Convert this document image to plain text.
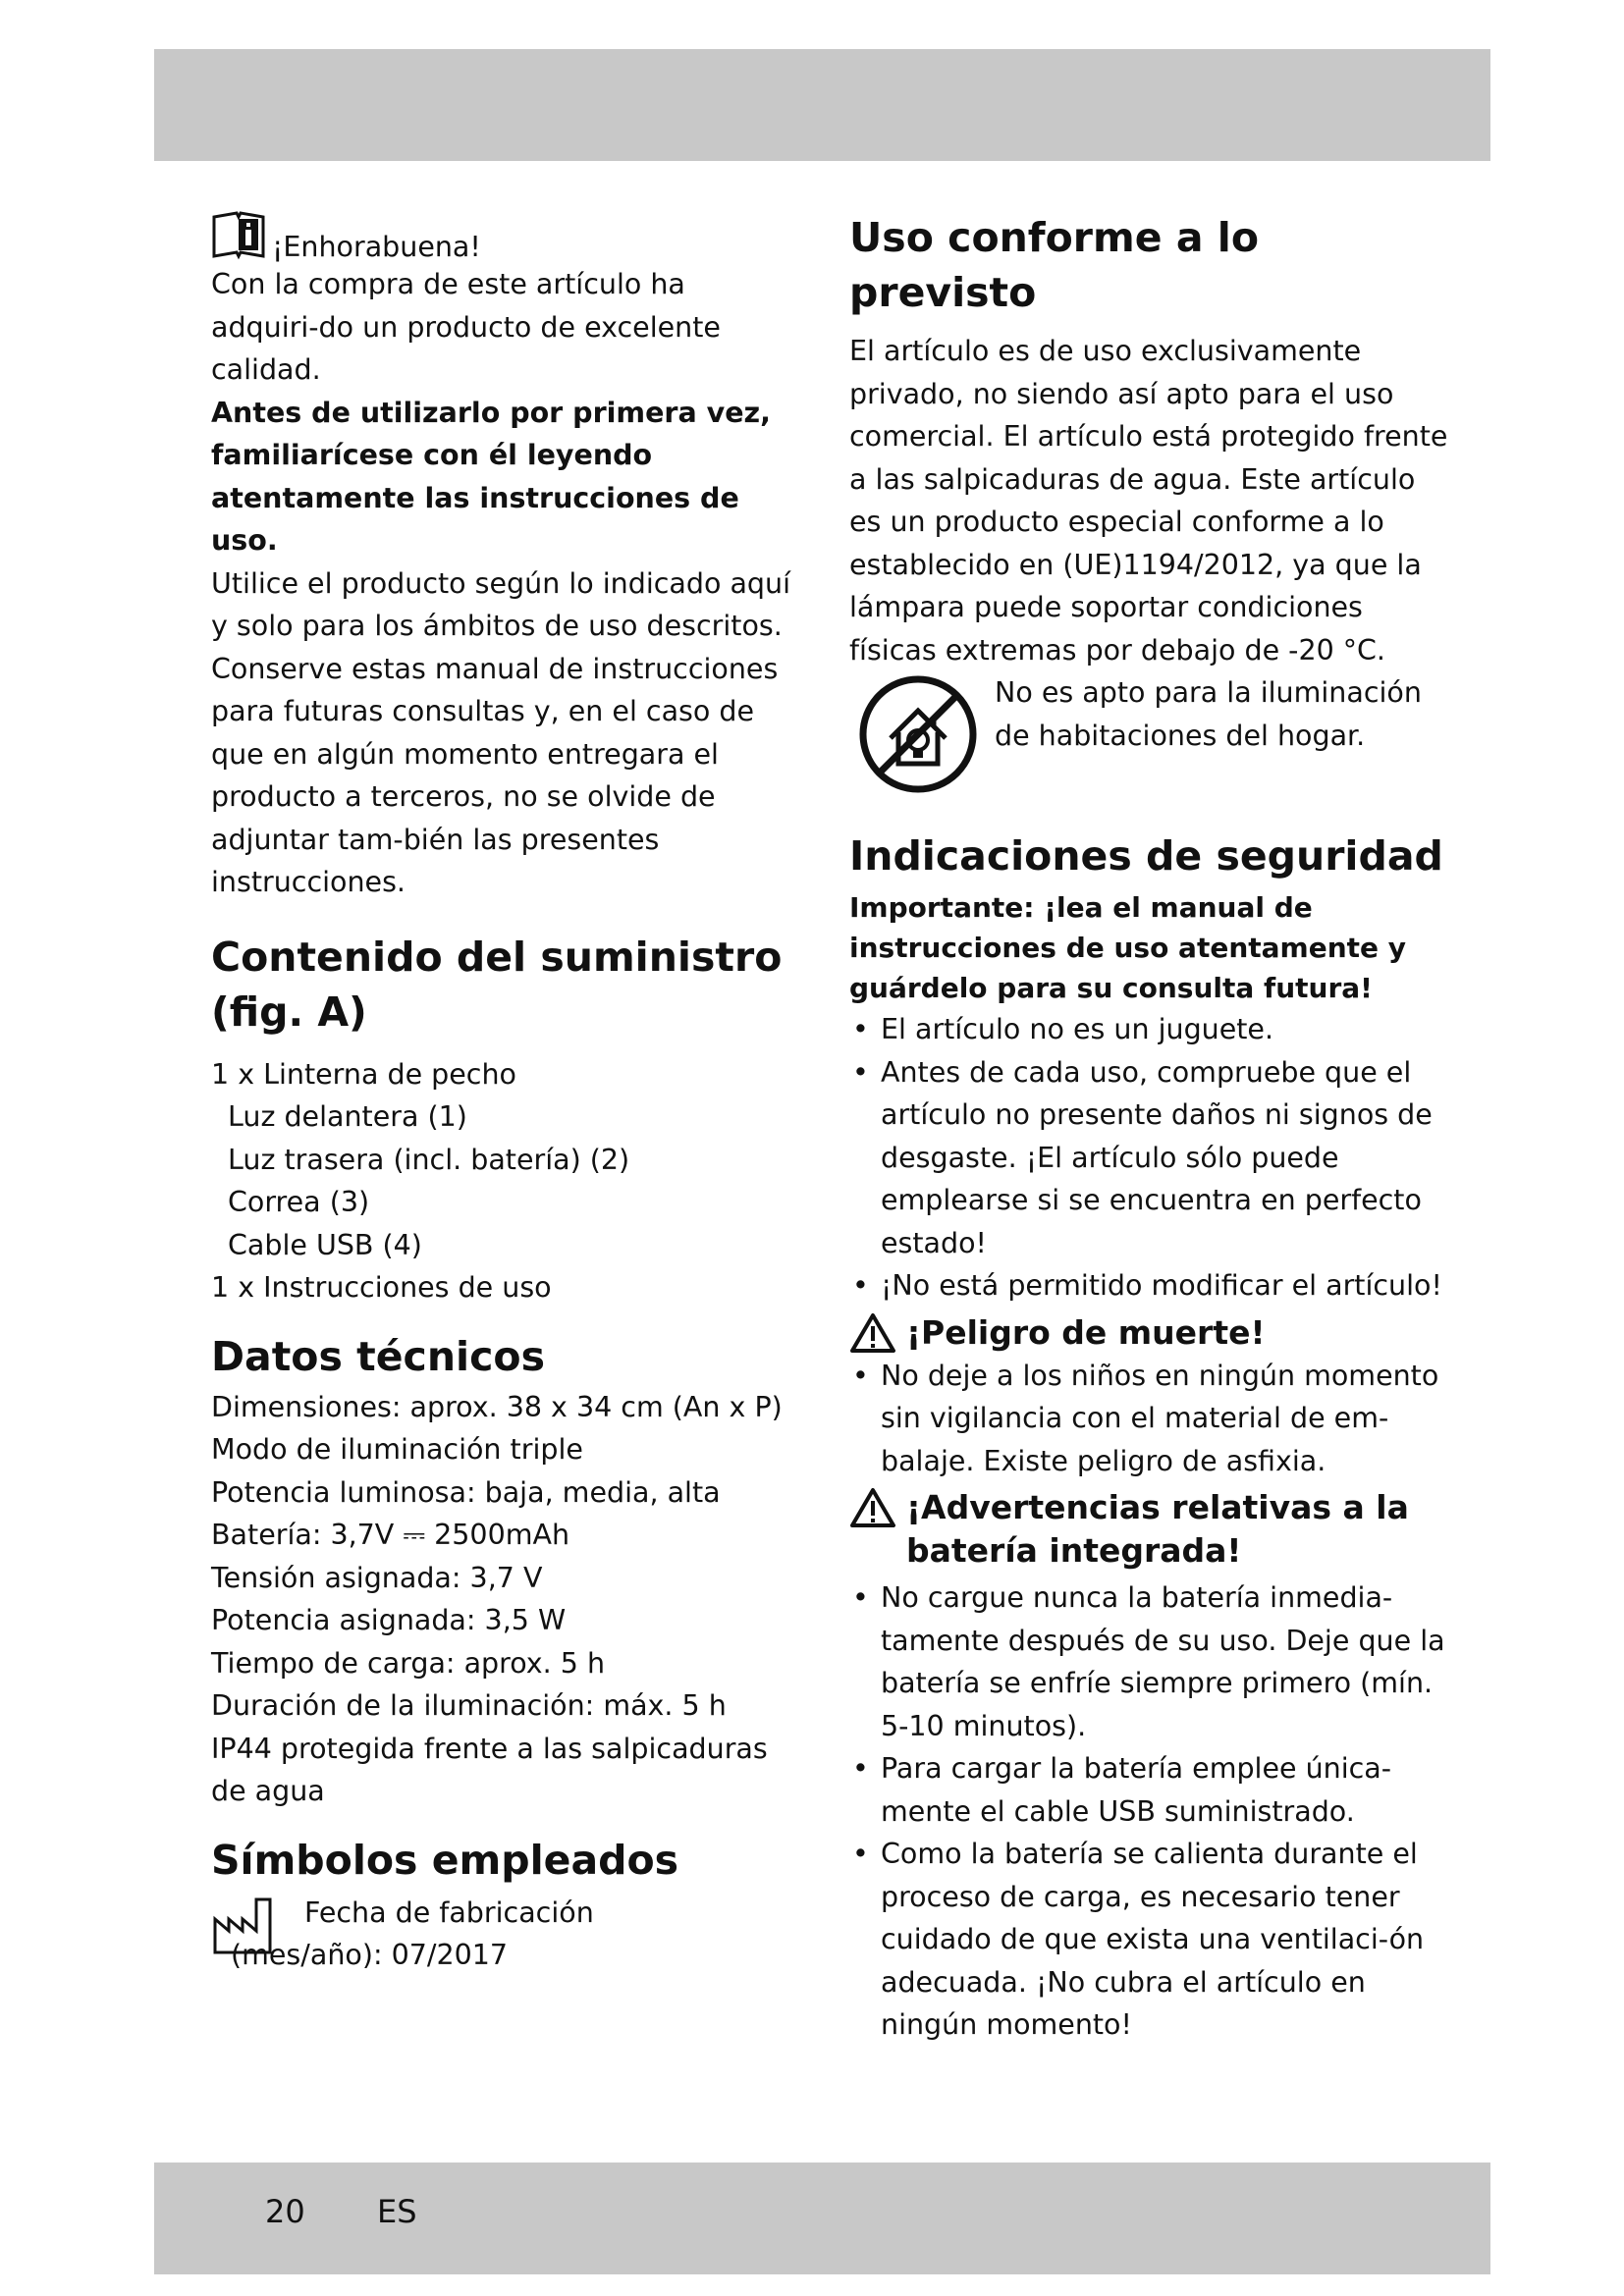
¡Enhorabuena!

Con la compra de este artículo ha adquiri-do un producto de excelente calidad.

Antes de utilizarlo por primera vez, familiarícese con él leyendo atentamente las instrucciones de uso.

Utilice el producto según lo indicado aquí y solo para los ámbitos de uso descritos. Conserve estas manual de instrucciones para futuras consultas y, en el caso de que en algún momento entregara el producto a terceros, no se olvide de adjuntar tam-bién las presentes instrucciones.

Contenido del suministro (fig. A)

1 x Linterna de pecho

Luz delantera (1)

Luz trasera (incl. batería) (2)

Correa (3)

Cable USB (4)

1 x Instrucciones de uso

Datos técnicos

Dimensiones: aprox. 38 x 34 cm (An x P)

Modo de iluminación triple

Potencia luminosa: baja, media, alta

Batería: 3,7V ⎓ 2500mAh

Tensión asignada: 3,7 V

Potencia asignada: 3,5 W

Tiempo de carga: aprox. 5 h

Duración de la iluminación: máx. 5 h

IP44 protegida frente a las salpicaduras de agua

Símbolos empleados
Fecha de fabricación
(mes/año): 07/2017
Uso conforme a lo previsto

El artículo es de uso exclusivamente privado, no siendo así apto para el uso comercial. El artículo está protegido frente a las salpicaduras de agua. Este artículo es un producto especial conforme a lo establecido en (UE)1194/2012, ya que la lámpara puede soportar condiciones físicas extremas por debajo de -20 °C.

No es apto para la iluminación de habitaciones del hogar.

Indicaciones de seguridad

Importante: ¡lea el manual de instrucciones de uso atentamente y guárdelo para su consulta futura!

• El artículo no es un juguete.
• Antes de cada uso, compruebe que el artículo no presente daños ni signos de desgaste. ¡El artículo sólo puede emplearse si se encuentra en perfecto estado!
• ¡No está permitido modificar el artículo!
¡Peligro de muerte!
• No deje a los niños en ningún momento sin vigilancia con el material de em-balaje. Existe peligro de asfixia.
¡Advertencias relativas a la batería integrada!
• No cargue nunca la batería inmedia-tamente después de su uso. Deje que la batería se enfríe siempre primero (mín. 5-10 minutos).
• Para cargar la batería emplee única-mente el cable USB suministrado.
• Como la batería se calienta durante el proceso de carga, es necesario tener cuidado de que exista una ventilaci-ón adecuada. ¡No cubra el artículo en ningún momento!
20 ES
